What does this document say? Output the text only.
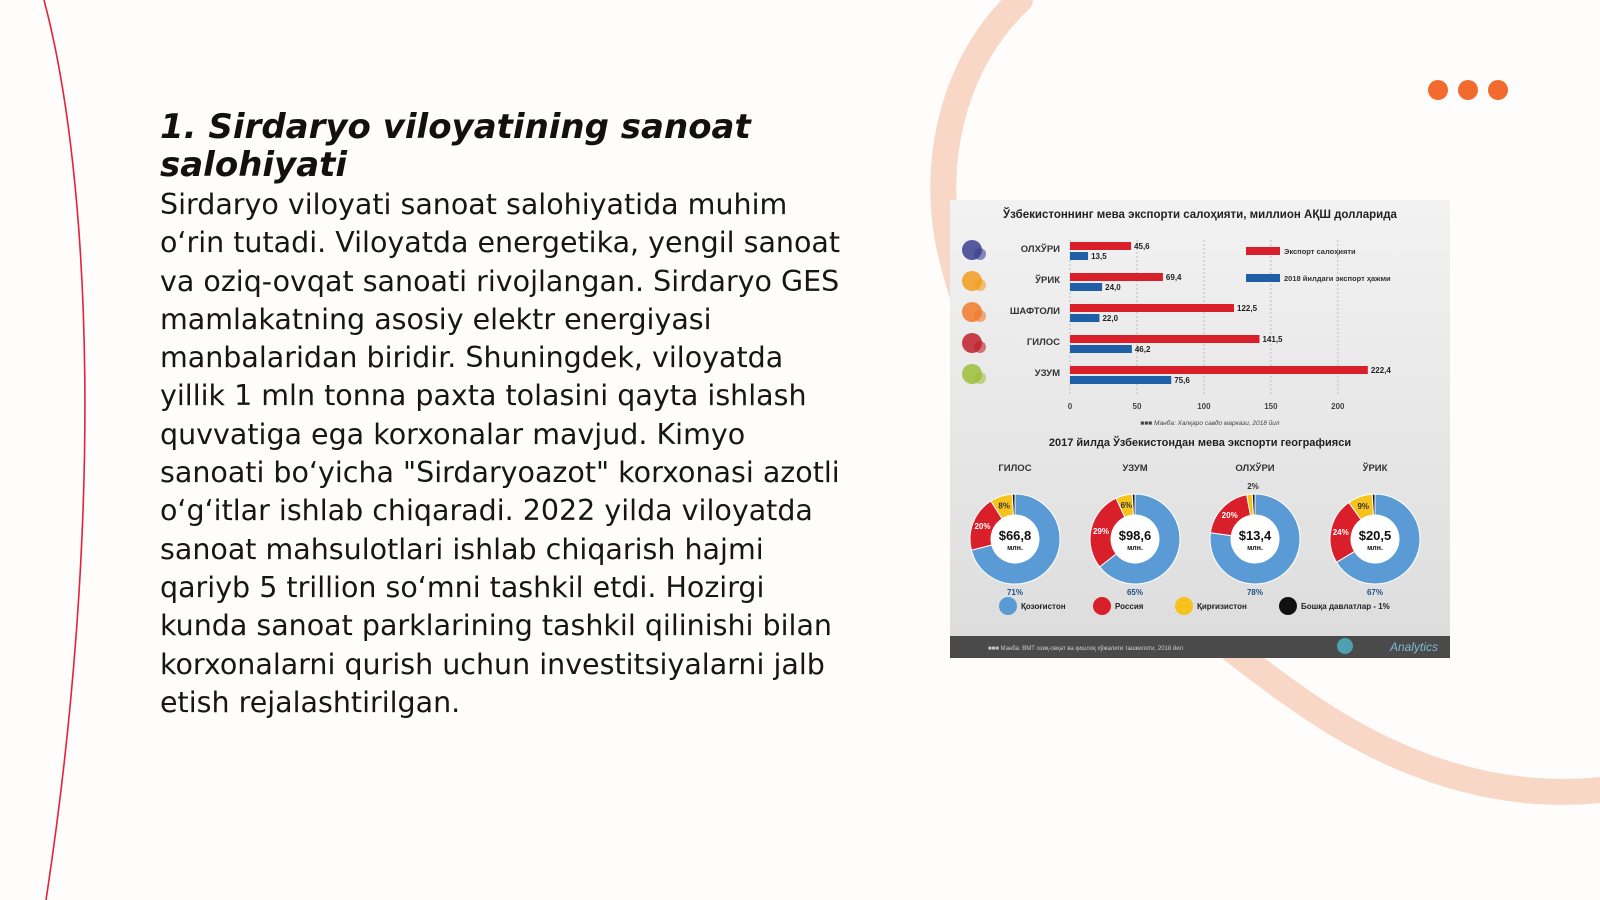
1. Sirdaryo viloyatining sanoat salohiyati

Sirdaryo viloyati sanoat salohiyatida muhim o‘rin tutadi. Viloyatda energetika, yengil sanoat va oziq-ovqat sanoati rivojlangan. Sirdaryo GES mamlakatning asosiy elektr energiyasi manbalaridan biridir. Shuningdek, viloyatda yillik 1 mln tonna paxta tolasini qayta ishlash quvvatiga ega korxonalar mavjud. Kimyo sanoati bo‘yicha "Sirdaryoazot" korxonasi azotli o‘g‘itlar ishlab chiqaradi. 2022 yilda viloyatda sanoat mahsulotlari ishlab chiqarish hajmi qariyb 5 trillion so‘mni tashkil etdi. Hozirgi kunda sanoat parklarining tashkil qilinishi bilan korxonalarni qurish uchun investitsiyalarni jalb etish rejalashtirilgan.

Ўзбекистоннинг мева экспорти салоҳияти, миллион АҚШ долларида
0	50	100	150	200
ОЛХЎРИ	45,6
13,5
ЎРИК	69,4
24,0
ШАФТОЛИ	122,5
22,0
ГИЛОС	141,5
46,2
УЗУМ	222,4
75,6
Экспорт салоҳияти
2018 йилдаги экспорт ҳажми
■■■ Манба: Халқаро савдо маркази, 2018 йил
2017 йилда Ўзбекистондан мева экспорти географияси
ГИЛОС
$66,8
млн.
71%
20%
8%
УЗУМ
$98,6
млн.
65%
29%
6%
ОЛХЎРИ
$13,4
млн.
78%
20%
2%
ЎРИК
$20,5
млн.
67%
24%
9%
Қозоғистон	Россия	Қирғизистон	Бошқа давлатлар - 1%
■■■ Манба: ВМТ озиқ-овқат ва қишлоқ хўжалиги ташкилоти, 2018 йил	Analytics
